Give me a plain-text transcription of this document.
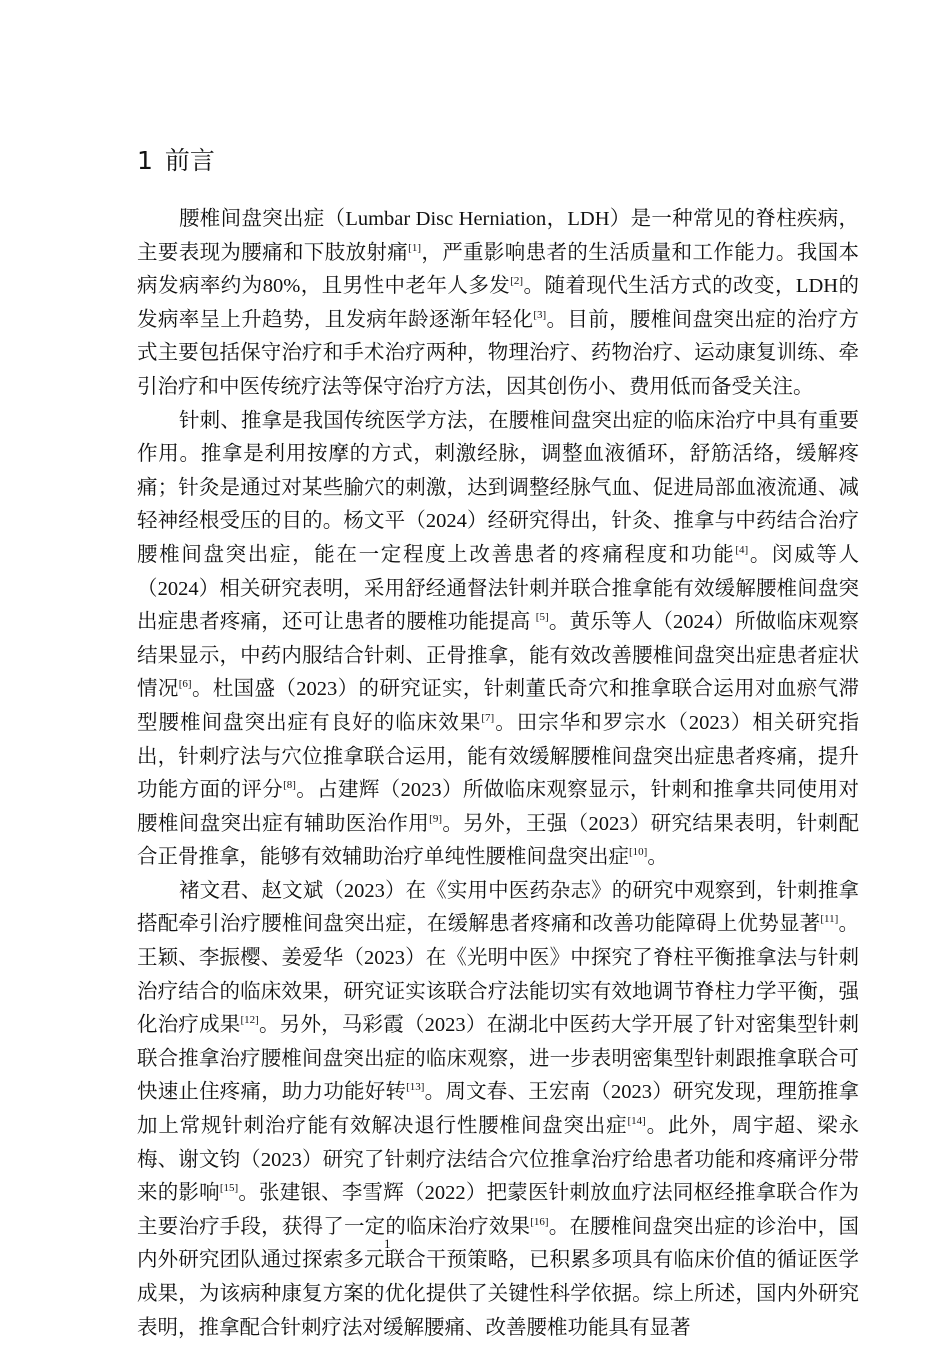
1 前言

腰椎间盘突出症（Lumbar Disc Herniation，LDH）是一种常见的脊柱疾病，主要表现为腰痛和下肢放射痛[1]，严重影响患者的生活质量和工作能力。我国本病发病率约为80%，且男性中老年人多发[2]。随着现代生活方式的改变，LDH的发病率呈上升趋势，且发病年龄逐渐年轻化[3]。目前，腰椎间盘突出症的治疗方式主要包括保守治疗和手术治疗两种，物理治疗、药物治疗、运动康复训练、牵引治疗和中医传统疗法等保守治疗方法，因其创伤小、费用低而备受关注。

针刺、推拿是我国传统医学方法，在腰椎间盘突出症的临床治疗中具有重要作用。推拿是利用按摩的方式，刺激经脉，调整血液循环，舒筋活络，缓解疼痛；针灸是通过对某些腧穴的刺激，达到调整经脉气血、促进局部血液流通、减轻神经根受压的目的。杨文平（2024）经研究得出，针灸、推拿与中药结合治疗腰椎间盘突出症，能在一定程度上改善患者的疼痛程度和功能[4]。闵威等人（2024）相关研究表明，采用舒经通督法针刺并联合推拿能有效缓解腰椎间盘突出症患者疼痛，还可让患者的腰椎功能提高 [5]。黄乐等人（2024）所做临床观察结果显示，中药内服结合针刺、正骨推拿，能有效改善腰椎间盘突出症患者症状情况[6]。杜国盛（2023）的研究证实，针刺董氏奇穴和推拿联合运用对血瘀气滞型腰椎间盘突出症有良好的临床效果[7]。田宗华和罗宗水（2023）相关研究指出，针刺疗法与穴位推拿联合运用，能有效缓解腰椎间盘突出症患者疼痛，提升功能方面的评分[8]。占建辉（2023）所做临床观察显示，针刺和推拿共同使用对腰椎间盘突出症有辅助医治作用[9]。另外，王强（2023）研究结果表明，针刺配合正骨推拿，能够有效辅助治疗单纯性腰椎间盘突出症[10]。

褚文君、赵文斌（2023）在《实用中医药杂志》的研究中观察到，针刺推拿搭配牵引治疗腰椎间盘突出症，在缓解患者疼痛和改善功能障碍上优势显著[11]。王颖、李振樱、姜爱华（2023）在《光明中医》中探究了脊柱平衡推拿法与针刺治疗结合的临床效果，研究证实该联合疗法能切实有效地调节脊柱力学平衡，强化治疗成果[12]。另外，马彩霞（2023）在湖北中医药大学开展了针对密集型针刺联合推拿治疗腰椎间盘突出症的临床观察，进一步表明密集型针刺跟推拿联合可快速止住疼痛，助力功能好转[13]。周文春、王宏南（2023）研究发现，理筋推拿加上常规针刺治疗能有效解决退行性腰椎间盘突出症[14]。此外，周宇超、梁永梅、谢文钧（2023）研究了针刺疗法结合穴位推拿治疗给患者功能和疼痛评分带来的影响[15]。张建银、李雪辉（2022）把蒙医针刺放血疗法同枢经推拿联合作为主要治疗手段，获得了一定的临床治疗效果[16]。在腰椎间盘突出症的诊治中，国内外研究团队通过探索多元联合干预策略，已积累多项具有临床价值的循证医学成果，为该病种康复方案的优化提供了关键性科学依据。综上所述，国内外研究表明，推拿配合针刺疗法对缓解腰痛、改善腰椎功能具有显著

1
